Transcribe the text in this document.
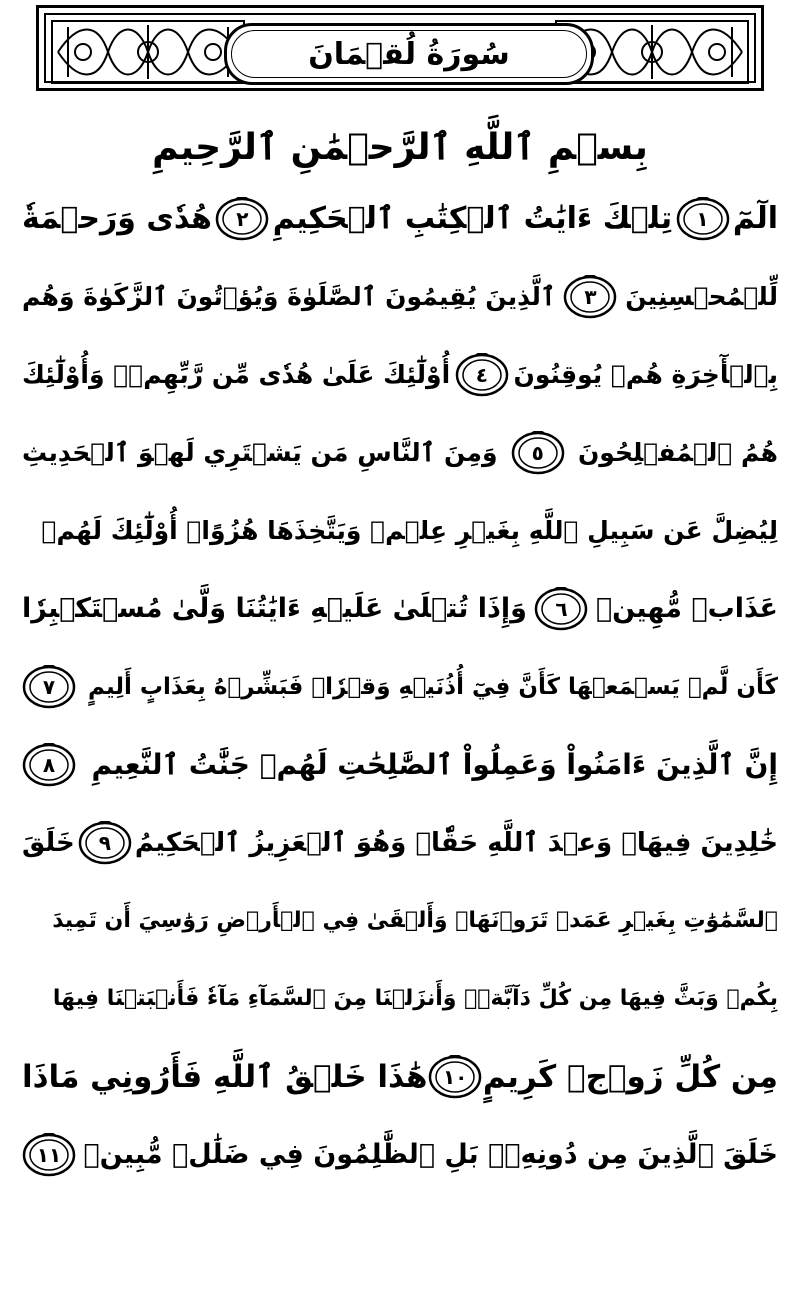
سُورَةُ لُقۡمَانَ
بِسۡمِ ٱللَّهِ ٱلرَّحۡمَٰنِ ٱلرَّحِيمِ
الٓمٓ
١
تِلۡكَ ءَايَٰتُ ٱلۡكِتَٰبِ ٱلۡحَكِيمِ
٢
هُدٗى وَرَحۡمَةٗ
لِّلۡمُحۡسِنِينَ
٣
ٱلَّذِينَ يُقِيمُونَ ٱلصَّلَوٰةَ وَيُؤۡتُونَ ٱلزَّكَوٰةَ وَهُم
بِٱلۡأٓخِرَةِ هُمۡ يُوقِنُونَ
٤
أُوْلَٰٓئِكَ عَلَىٰ هُدٗى مِّن رَّبِّهِمۡۖ وَأُوْلَٰٓئِكَ
هُمُ ٱلۡمُفۡلِحُونَ
٥
وَمِنَ ٱلنَّاسِ مَن يَشۡتَرِي لَهۡوَ ٱلۡحَدِيثِ
لِيُضِلَّ عَن سَبِيلِ ٱللَّهِ بِغَيۡرِ عِلۡمٖ وَيَتَّخِذَهَا هُزُوًاۚ أُوْلَٰٓئِكَ لَهُمۡ
عَذَابٞ مُّهِينٞ
٦
وَإِذَا تُتۡلَىٰ عَلَيۡهِ ءَايَٰتُنَا وَلَّىٰ مُسۡتَكۡبِرٗا
كَأَن لَّمۡ يَسۡمَعۡهَا كَأَنَّ فِيٓ أُذُنَيۡهِ وَقۡرٗاۖ فَبَشِّرۡهُ بِعَذَابٍ أَلِيمٍ
٧
إِنَّ ٱلَّذِينَ ءَامَنُواْ وَعَمِلُواْ ٱلصَّٰلِحَٰتِ لَهُمۡ جَنَّٰتُ ٱلنَّعِيمِ
٨
خَٰلِدِينَ فِيهَاۖ وَعۡدَ ٱللَّهِ حَقّٗاۚ وَهُوَ ٱلۡعَزِيزُ ٱلۡحَكِيمُ
٩
خَلَقَ
ٱلسَّمَٰوَٰتِ بِغَيۡرِ عَمَدٖ تَرَوۡنَهَاۖ وَأَلۡقَىٰ فِي ٱلۡأَرۡضِ رَوَٰسِيَ أَن تَمِيدَ
بِكُمۡ وَبَثَّ فِيهَا مِن كُلِّ دَآبَّةٖۚ وَأَنزَلۡنَا مِنَ ٱلسَّمَآءِ مَآءٗ فَأَنۢبَتۡنَا فِيهَا
مِن كُلِّ زَوۡجٖ كَرِيمٍ
١٠
هَٰذَا خَلۡقُ ٱللَّهِ فَأَرُونِي مَاذَا
خَلَقَ ٱلَّذِينَ مِن دُونِهِۦۚ بَلِ ٱلظَّٰلِمُونَ فِي ضَلَٰلٖ مُّبِينٖ
١١
